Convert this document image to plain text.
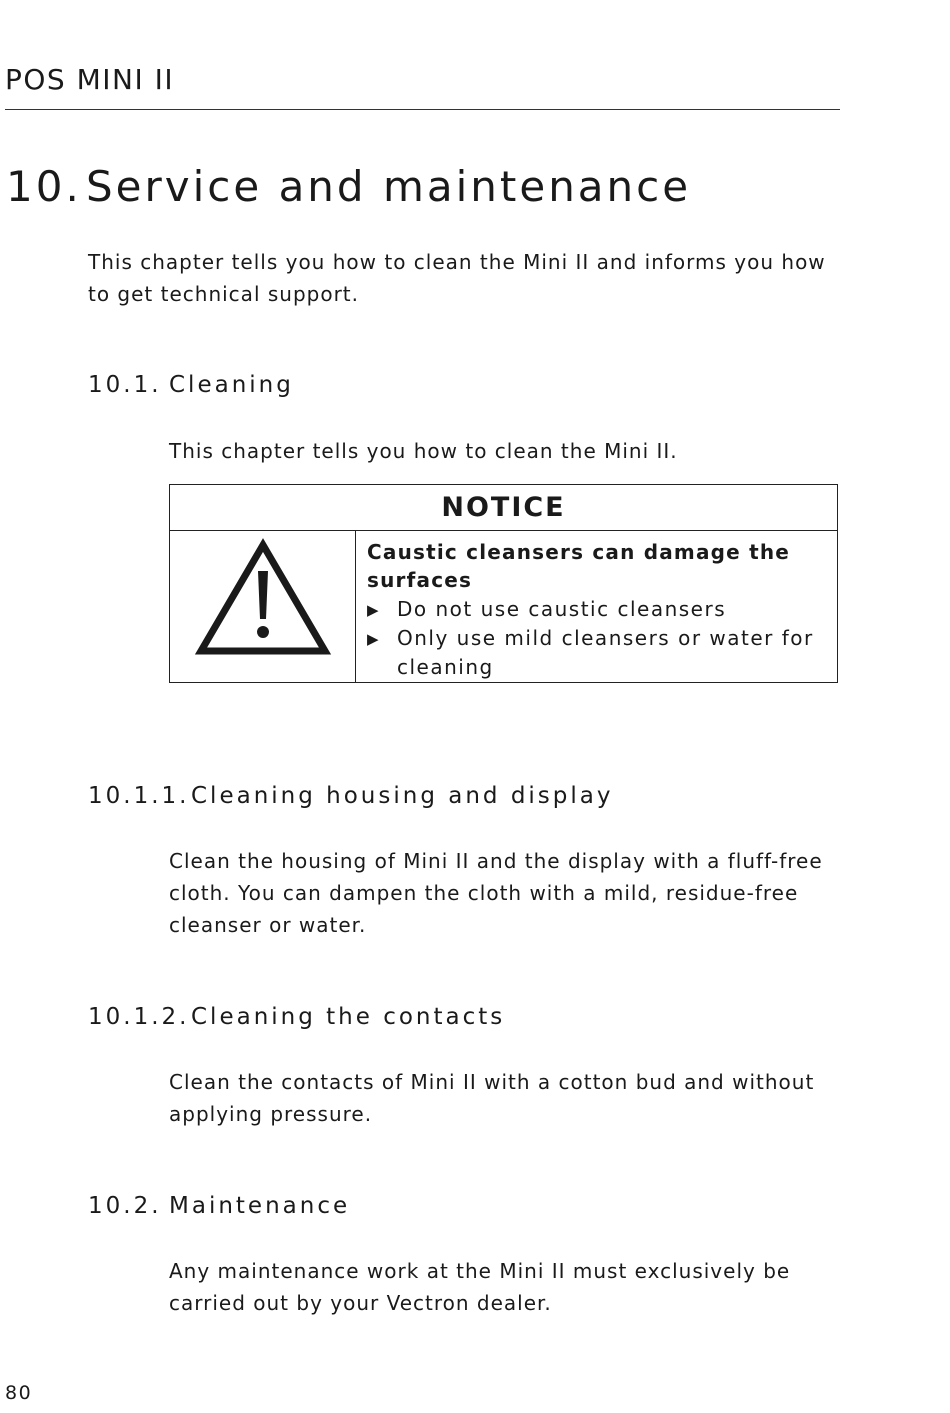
POS MINI II
10. Service and maintenance
This chapter tells you how to clean the Mini II and informs you how
to get technical support.
10.1. Cleaning
This chapter tells you how to clean the Mini II.
NOTICE
Caustic cleansers can damage the
surfaces
▶ Do not use caustic cleansers
▶ Only use mild cleansers or water for
cleaning
10.1.1.Cleaning housing and display
Clean the housing of Mini II and the display with a fluff-free
cloth. You can dampen the cloth with a mild, residue-free
cleanser or water.
10.1.2.Cleaning the contacts
Clean the contacts of Mini II with a cotton bud and without
applying pressure.
10.2. Maintenance
Any maintenance work at the Mini II must exclusively be
carried out by your Vectron dealer.
80
